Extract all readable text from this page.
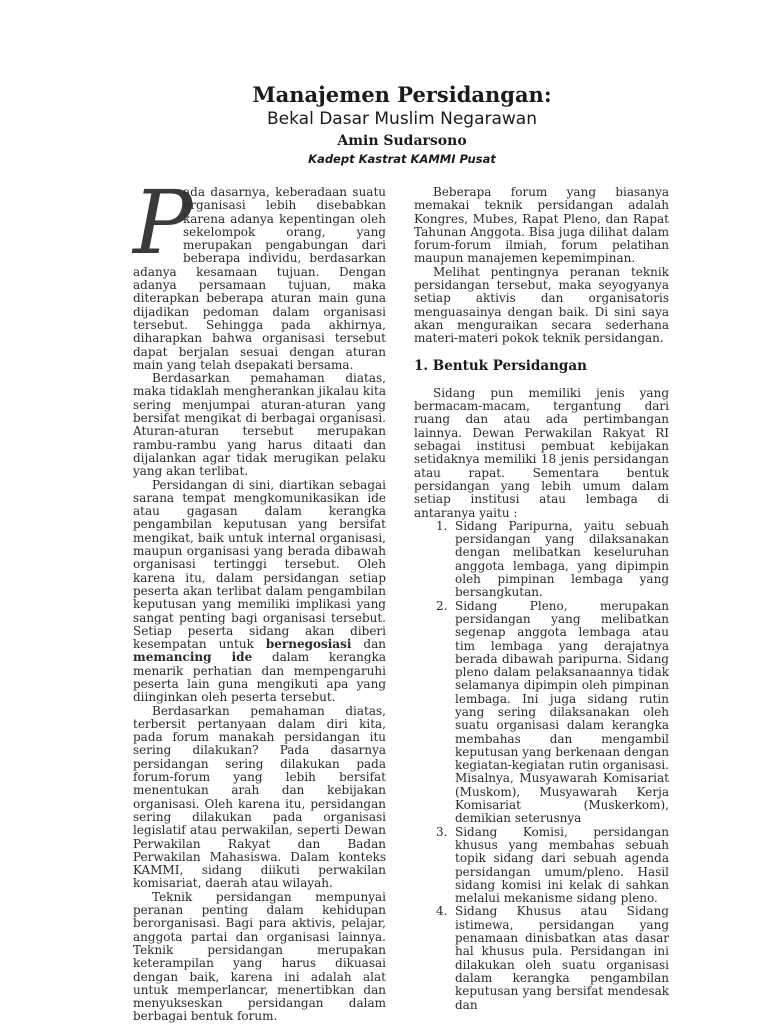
Manajemen Persidangan:
Bekal Dasar Muslim Negarawan
Amin Sudarsono
Kadept Kastrat KAMMI Pusat

P
ada dasarnya, keberadaan suatu organisasi lebih disebabkan karena adanya kepentingan oleh sekelompok orang, yang merupakan pengabungan dari beberapa individu, berdasarkan adanya kesamaan tujuan. Dengan adanya persamaan tujuan, maka diterapkan beberapa aturan main guna dijadikan pedoman dalam organisasi tersebut. Sehingga pada akhirnya, diharapkan bahwa organisasi tersebut dapat berjalan sesuai dengan aturan main yang telah dsepakati bersama.

Berdasarkan pemahaman diatas, maka tidaklah mengherankan jikalau kita sering menjumpai aturan-aturan yang bersifat mengikat di berbagai organisasi. Aturan-aturan tersebut merupakan rambu-rambu yang harus ditaati dan dijalankan agar tidak merugikan pelaku yang akan terlibat.

Persidangan di sini, diartikan sebagai sarana tempat mengkomunikasikan ide atau gagasan dalam kerangka pengambilan keputusan yang bersifat mengikat, baik untuk internal organisasi, maupun organisasi yang berada dibawah organisasi tertinggi tersebut. Oleh karena itu, dalam persidangan setiap peserta akan terlibat dalam pengambilan keputusan yang memiliki implikasi yang sangat penting bagi organisasi tersebut. Setiap peserta sidang akan diberi kesempatan untuk bernegosiasi dan memancing ide dalam kerangka menarik perhatian dan mempengaruhi peserta lain guna mengikuti apa yang diinginkan oleh peserta tersebut.

Berdasarkan pemahaman diatas, terbersit pertanyaan dalam diri kita, pada forum manakah persidangan itu sering dilakukan? Pada dasarnya persidangan sering dilakukan pada forum-forum yang lebih bersifat menentukan arah dan kebijakan organisasi. Oleh karena itu, persidangan sering dilakukan pada organisasi legislatif atau perwakilan, seperti Dewan Perwakilan Rakyat dan Badan Perwakilan Mahasiswa. Dalam konteks KAMMI, sidang diikuti perwakilan komisariat, daerah atau wilayah.

Teknik persidangan mempunyai peranan penting dalam kehidupan berorganisasi. Bagi para aktivis, pelajar, anggota partai dan organisasi lainnya. Teknik persidangan merupakan keterampilan yang harus dikuasai dengan baik, karena ini adalah alat untuk memperlancar, menertibkan dan menyukseskan persidangan dalam berbagai bentuk forum.

Beberapa forum yang biasanya memakai teknik persidangan adalah Kongres, Mubes, Rapat Pleno, dan Rapat Tahunan Anggota. Bisa juga dilihat dalam forum-forum ilmiah, forum pelatihan maupun manajemen kepemimpinan.

Melihat pentingnya peranan teknik persidangan tersebut, maka seyogyanya setiap aktivis dan organisatoris menguasainya dengan baik. Di sini saya akan menguraikan secara sederhana materi-materi pokok teknik persidangan.

1. Bentuk Persidangan

Sidang pun memiliki jenis yang bermacam-macam, tergantung dari ruang dan atau ada pertimbangan lainnya. Dewan Perwakilan Rakyat RI sebagai institusi pembuat kebijakan setidaknya memiliki 18 jenis persidangan atau rapat. Sementara bentuk persidangan yang lebih umum dalam setiap institusi atau lembaga di antaranya yaitu :

1. Sidang Paripurna, yaitu sebuah persidangan yang dilaksanakan dengan melibatkan keseluruhan anggota lembaga, yang dipimpin oleh pimpinan lembaga yang bersangkutan.
2. Sidang Pleno, merupakan persidangan yang melibatkan segenap anggota lembaga atau tim lembaga yang derajatnya berada dibawah paripurna. Sidang pleno dalam pelaksanaannya tidak selamanya dipimpin oleh pimpinan lembaga. Ini juga sidang rutin yang sering dilaksanakan oleh suatu organisasi dalam kerangka membahas dan mengambil keputusan yang berkenaan dengan kegiatan-kegiatan rutin organisasi. Misalnya, Musyawarah Komisariat (Muskom), Musyawarah Kerja Komisariat (Muskerkom), demikian seterusnya
3. Sidang Komisi, persidangan khusus yang membahas sebuah topik sidang dari sebuah agenda persidangan umum/pleno. Hasil sidang komisi ini kelak di sahkan melalui mekanisme sidang pleno.
4. Sidang Khusus atau Sidang istimewa, persidangan yang penamaan dinisbatkan atas dasar hal khusus pula. Persidangan ini dilakukan oleh suatu organisasi dalam kerangka pengambilan keputusan yang bersifat mendesak dan
